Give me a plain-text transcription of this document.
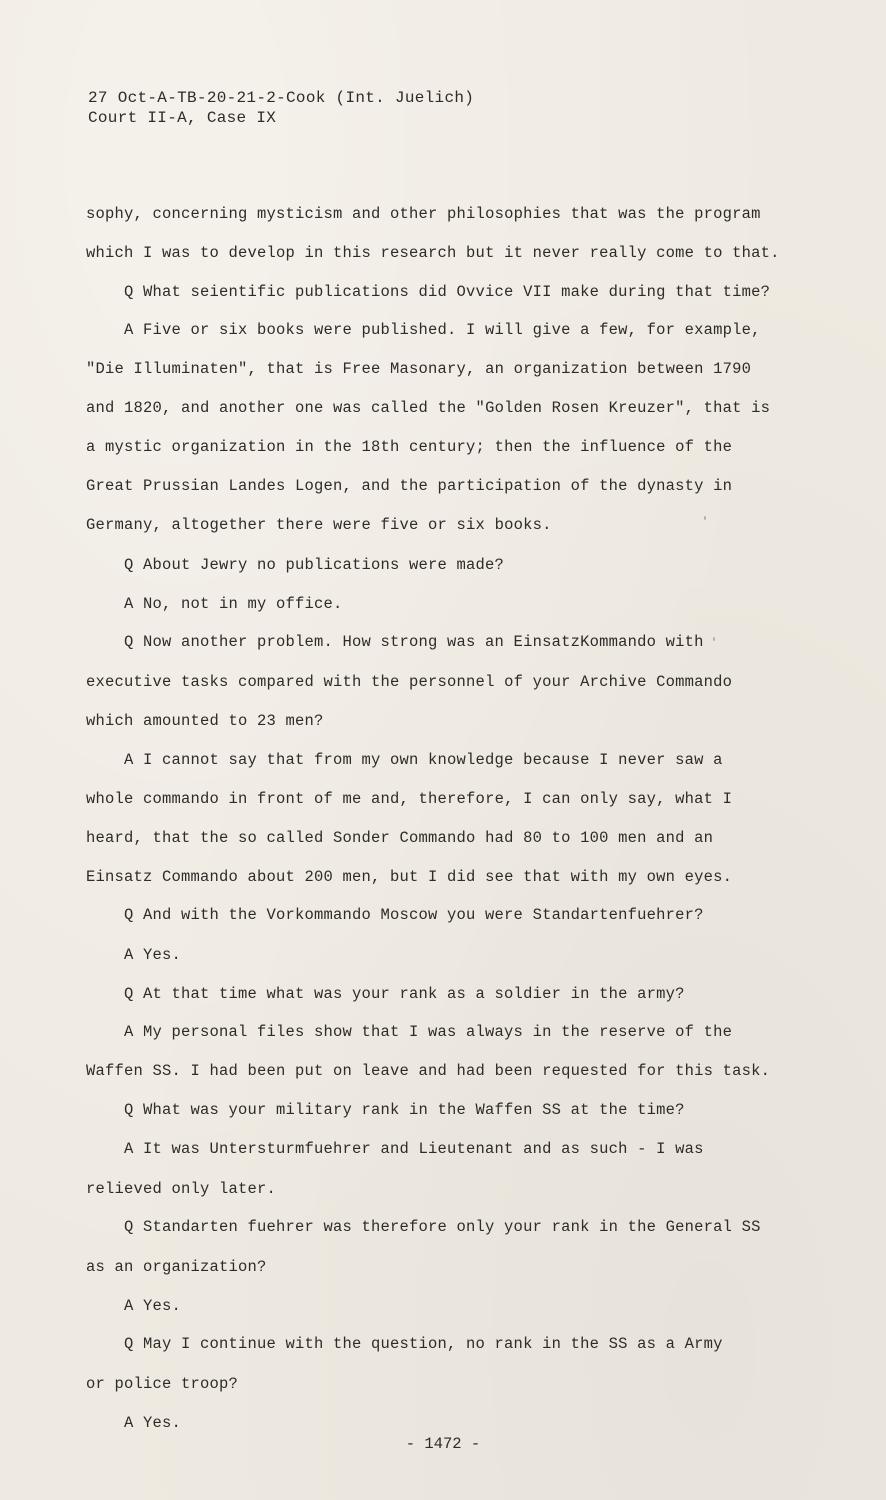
27 Oct-A-TB-20-21-2-Cook (Int. Juelich)
Court II-A, Case IX
sophy, concerning mysticism and other philosophies that was the program
which I was to develop in this research but it never really come to that.
Q What seientific publications did Ovvice VII make during that time?
A Five or six books were published. I will give a few, for example,
"Die Illuminaten", that is Free Masonary, an organization between 1790
and 1820, and another one was called the "Golden Rosen Kreuzer", that is
a mystic organization in the 18th century; then the influence of the
Great Prussian Landes Logen, and the participation of the dynasty in
Germany, altogether there were five or six books.
Q About Jewry no publications were made?
A No, not in my office.
Q Now another problem. How strong was an EinsatzKommando with
executive tasks compared with the personnel of your Archive Commando
which amounted to 23 men?
A I cannot say that from my own knowledge because I never saw a
whole commando in front of me and, therefore, I can only say, what I
heard, that the so called Sonder Commando had 80 to 100 men and an
Einsatz Commando about 200 men, but I did see that with my own eyes.
Q And with the Vorkommando Moscow you were Standartenfuehrer?
A Yes.
Q At that time what was your rank as a soldier in the army?
A My personal files show that I was always in the reserve of the
Waffen SS. I had been put on leave and had been requested for this task.
Q What was your military rank in the Waffen SS at the time?
A It was Untersturmfuehrer and Lieutenant and as such - I was
relieved only later.
Q Standarten fuehrer was therefore only your rank in the General SS
as an organization?
A Yes.
Q May I continue with the question, no rank in the SS as a Army
or police troop?
A Yes.
- 1472 -
